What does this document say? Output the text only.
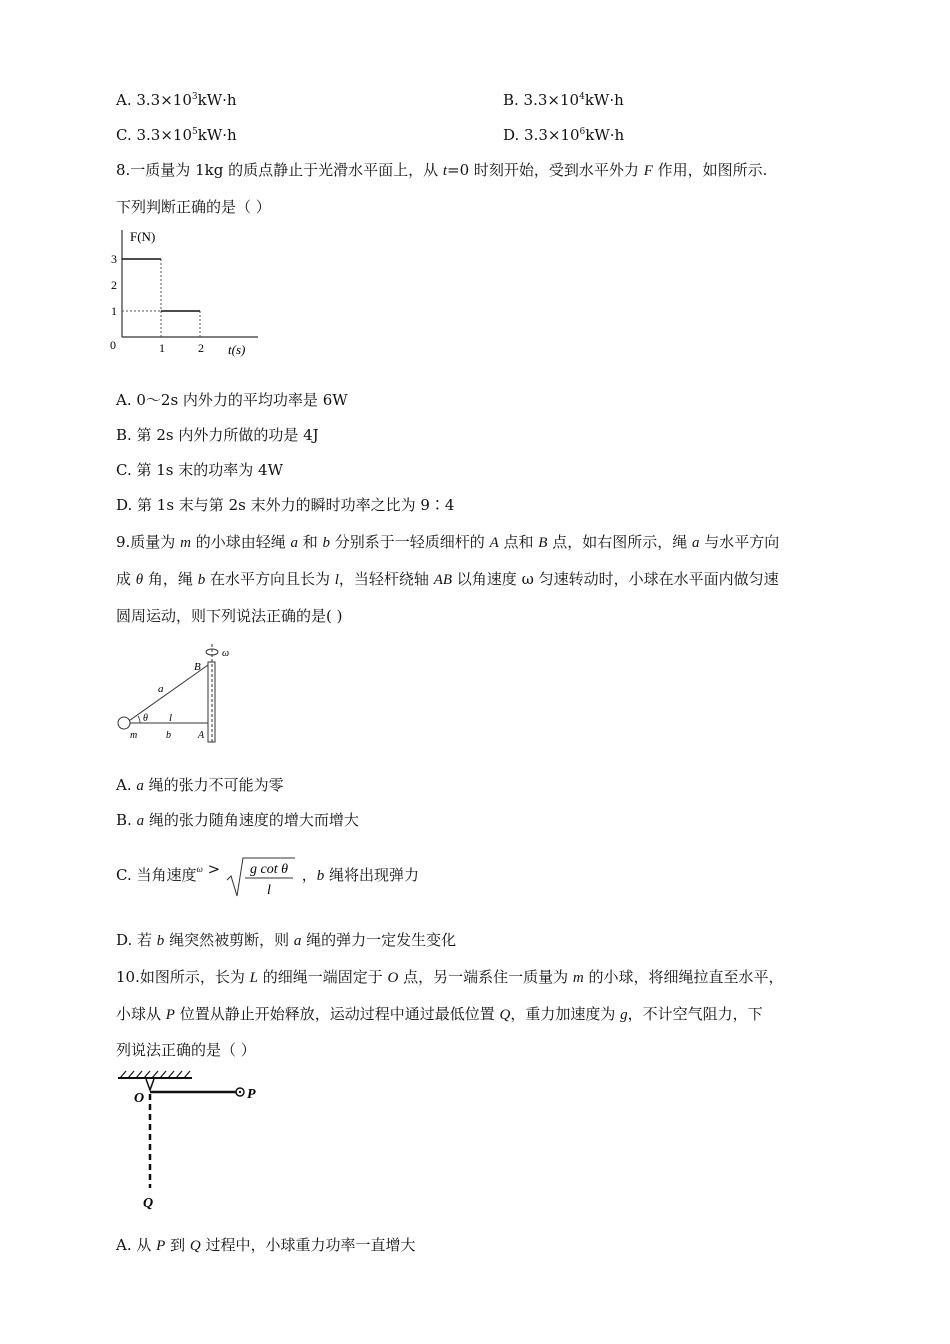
A. $3.3\times 10^3kW\cdot h$	B. $3.3\times 10^4kW\cdot h$
C. $3.3\times 10^5kW\cdot h$	D. $3.3\times 10^6kW\cdot h$
8.一质量为 1kg 的质点静止于光滑水平面上，从 t=0 时刻开始，受到水平外力 F 作用，如图所示.
下列判断正确的是（ ）
F(N)
t(s)
0
3
2
1
1	2
A. 0～2s 内外力的平均功率是 6W
B. 第 2s 内外力所做的功是 4J
C. 第 1s 末的功率为 4W
D. 第 1s 末与第 2s 末外力的瞬时功率之比为 9∶4
9.质量为 m 的小球由轻绳 a 和 b 分别系于一轻质细杆的 A 点和 B 点，如右图所示，绳 a 与水平方向
成 θ 角，绳 b 在水平方向且长为 l，当轻杆绕轴 AB 以角速度 ω 匀速转动时，小球在水平面内做匀速
圆周运动，则下列说法正确的是( )
ω
B
a
θ l
m	b	A
A. a 绳的张力不可能为零
B. a 绳的张力随角速度的增大而增大
C. 当角速度$^\omega$ > g cot θ
l
，b 绳将出现弹力
D. 若 b 绳突然被剪断，则 a 绳的弹力一定发生变化
10.如图所示，长为 L 的细绳一端固定于 O 点，另一端系住一质量为 m 的小球，将细绳拉直至水平，
小球从 P 位置从静止开始释放，运动过程中通过最低位置 Q，重力加速度为 g，不计空气阻力，下
列说法正确的是（ ）
O	P
Q
A. 从 P 到 Q 过程中，小球重力功率一直增大
